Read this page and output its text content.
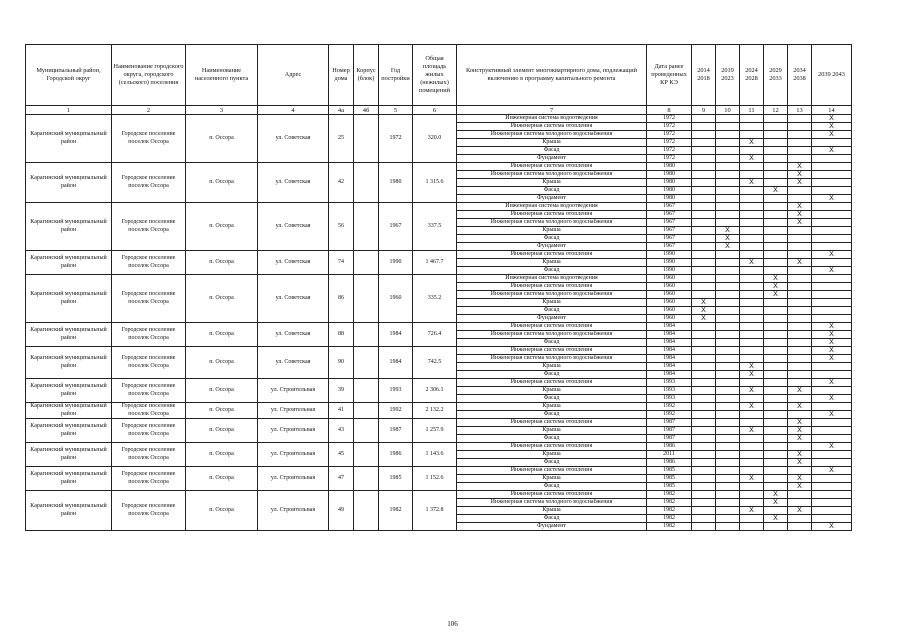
Муниципальный район, Городской округ	Наименование городского округа, городского (сельского) поселения	Наименование населенного пункта	Адрес	Номер дома	Корпус (блок)	Год постройки	Общая площадь жилых (нежилых) помещений	Конструктивный элемент многоквартирного дома, подлежащий включению в программу капитального ремонта	Дата ранее проведенных КР КЭ	2014 2018	2019 2023	2024 2028	2029 2033	2034 2038	2039 2043
1	2	3	4	4а	4б	5	6	7	8	9	10	11	12	13	14
Карагинский муниципальный район	Городское поселение поселок Оссора	п. Оссора	ул. Советская	25		1972	320.0	Инженерная система водоотведения	1972						X
								Инженерная система отопления	1972						X
								Инженерная система холодного водоснабжения	1972						X
								Крыша	1972			X			
								Фасад	1972						X
								Фундамент	1972			X			
Карагинский муниципальный район	Городское поселение поселок Оссора	п. Оссора	ул. Советская	42		1980	1 315.6	Инженерная система отопления	1980					X	
								Инженерная система холодного водоснабжения	1980					X	
								Крыша	1980			X		X	
								Фасад	1980				X		
								Фундамент	1980						X
Карагинский муниципальный район	Городское поселение поселок Оссора	п. Оссора	ул. Советская	56		1967	337.5	Инженерная система водоотведения	1967					X	
								Инженерная система отопления	1967					X	
								Инженерная система холодного водоснабжения	1967					X	
								Крыша	1967		X				
								Фасад	1967		X				
								Фундамент	1967		X				
Карагинский муниципальный район	Городское поселение поселок Оссора	п. Оссора	ул. Советская	74		1990	1 467.7	Инженерная система отопления	1990						X
								Крыша	1990			X		X	
								Фасад	1990						X
Карагинский муниципальный район	Городское поселение поселок Оссора	п. Оссора	ул. Советская	86		1960	335.2	Инженерная система водоотведения	1960				X		
								Инженерная система отопления	1960				X		
								Инженерная система холодного водоснабжения	1960				X		
								Крыша	1960	X					
								Фасад	1960	X					
								Фундамент	1960	X					
Карагинский муниципальный район	Городское поселение поселок Оссора	п. Оссора	ул. Советская	88		1984	726.4	Инженерная система отопления	1984						X
								Инженерная система холодного водоснабжения	1984						X
								Фасад	1984						X
Карагинский муниципальный район	Городское поселение поселок Оссора	п. Оссора	ул. Советская	90		1984	742.5	Инженерная система отопления	1984						X
								Инженерная система холодного водоснабжения	1984						X
								Крыша	1984			X			
								Фасад	1984			X			
Карагинский муниципальный район	Городское поселение поселок Оссора	п. Оссора	ул. Строительная	39		1993	2 306.1	Инженерная система отопления	1993						X
								Крыша	1993			X		X	
								Фасад	1993						X
Карагинский муниципальный район	Городское поселение поселок Оссора	п. Оссора	ул. Строительная	41		1992	2 132.2	Крыша	1992			X		X	
								Фасад	1992						X
Карагинский муниципальный район	Городское поселение поселок Оссора	п. Оссора	ул. Строительная	43		1987	1 257.9	Инженерная система отопления	1987					X	
								Крыша	1987			X		X	
								Фасад	1987					X	
Карагинский муниципальный район	Городское поселение поселок Оссора	п. Оссора	ул. Строительная	45		1986	1 143.6	Инженерная система отопления	1986						X
								Крыша	2011					X	
								Фасад	1986					X	
Карагинский муниципальный район	Городское поселение поселок Оссора	п. Оссора	ул. Строительная	47		1985	1 152.6	Инженерная система отопления	1985						X
								Крыша	1985			X		X	
								Фасад	1985					X	
Карагинский муниципальный район	Городское поселение поселок Оссора	п. Оссора	ул. Строительная	49		1982	1 372.8	Инженерная система отопления	1982				X		
								Инженерная система холодного водоснабжения	1982				X		
								Крыша	1982			X		X	
								Фасад	1982				X		
								Фундамент	1982						X
106
